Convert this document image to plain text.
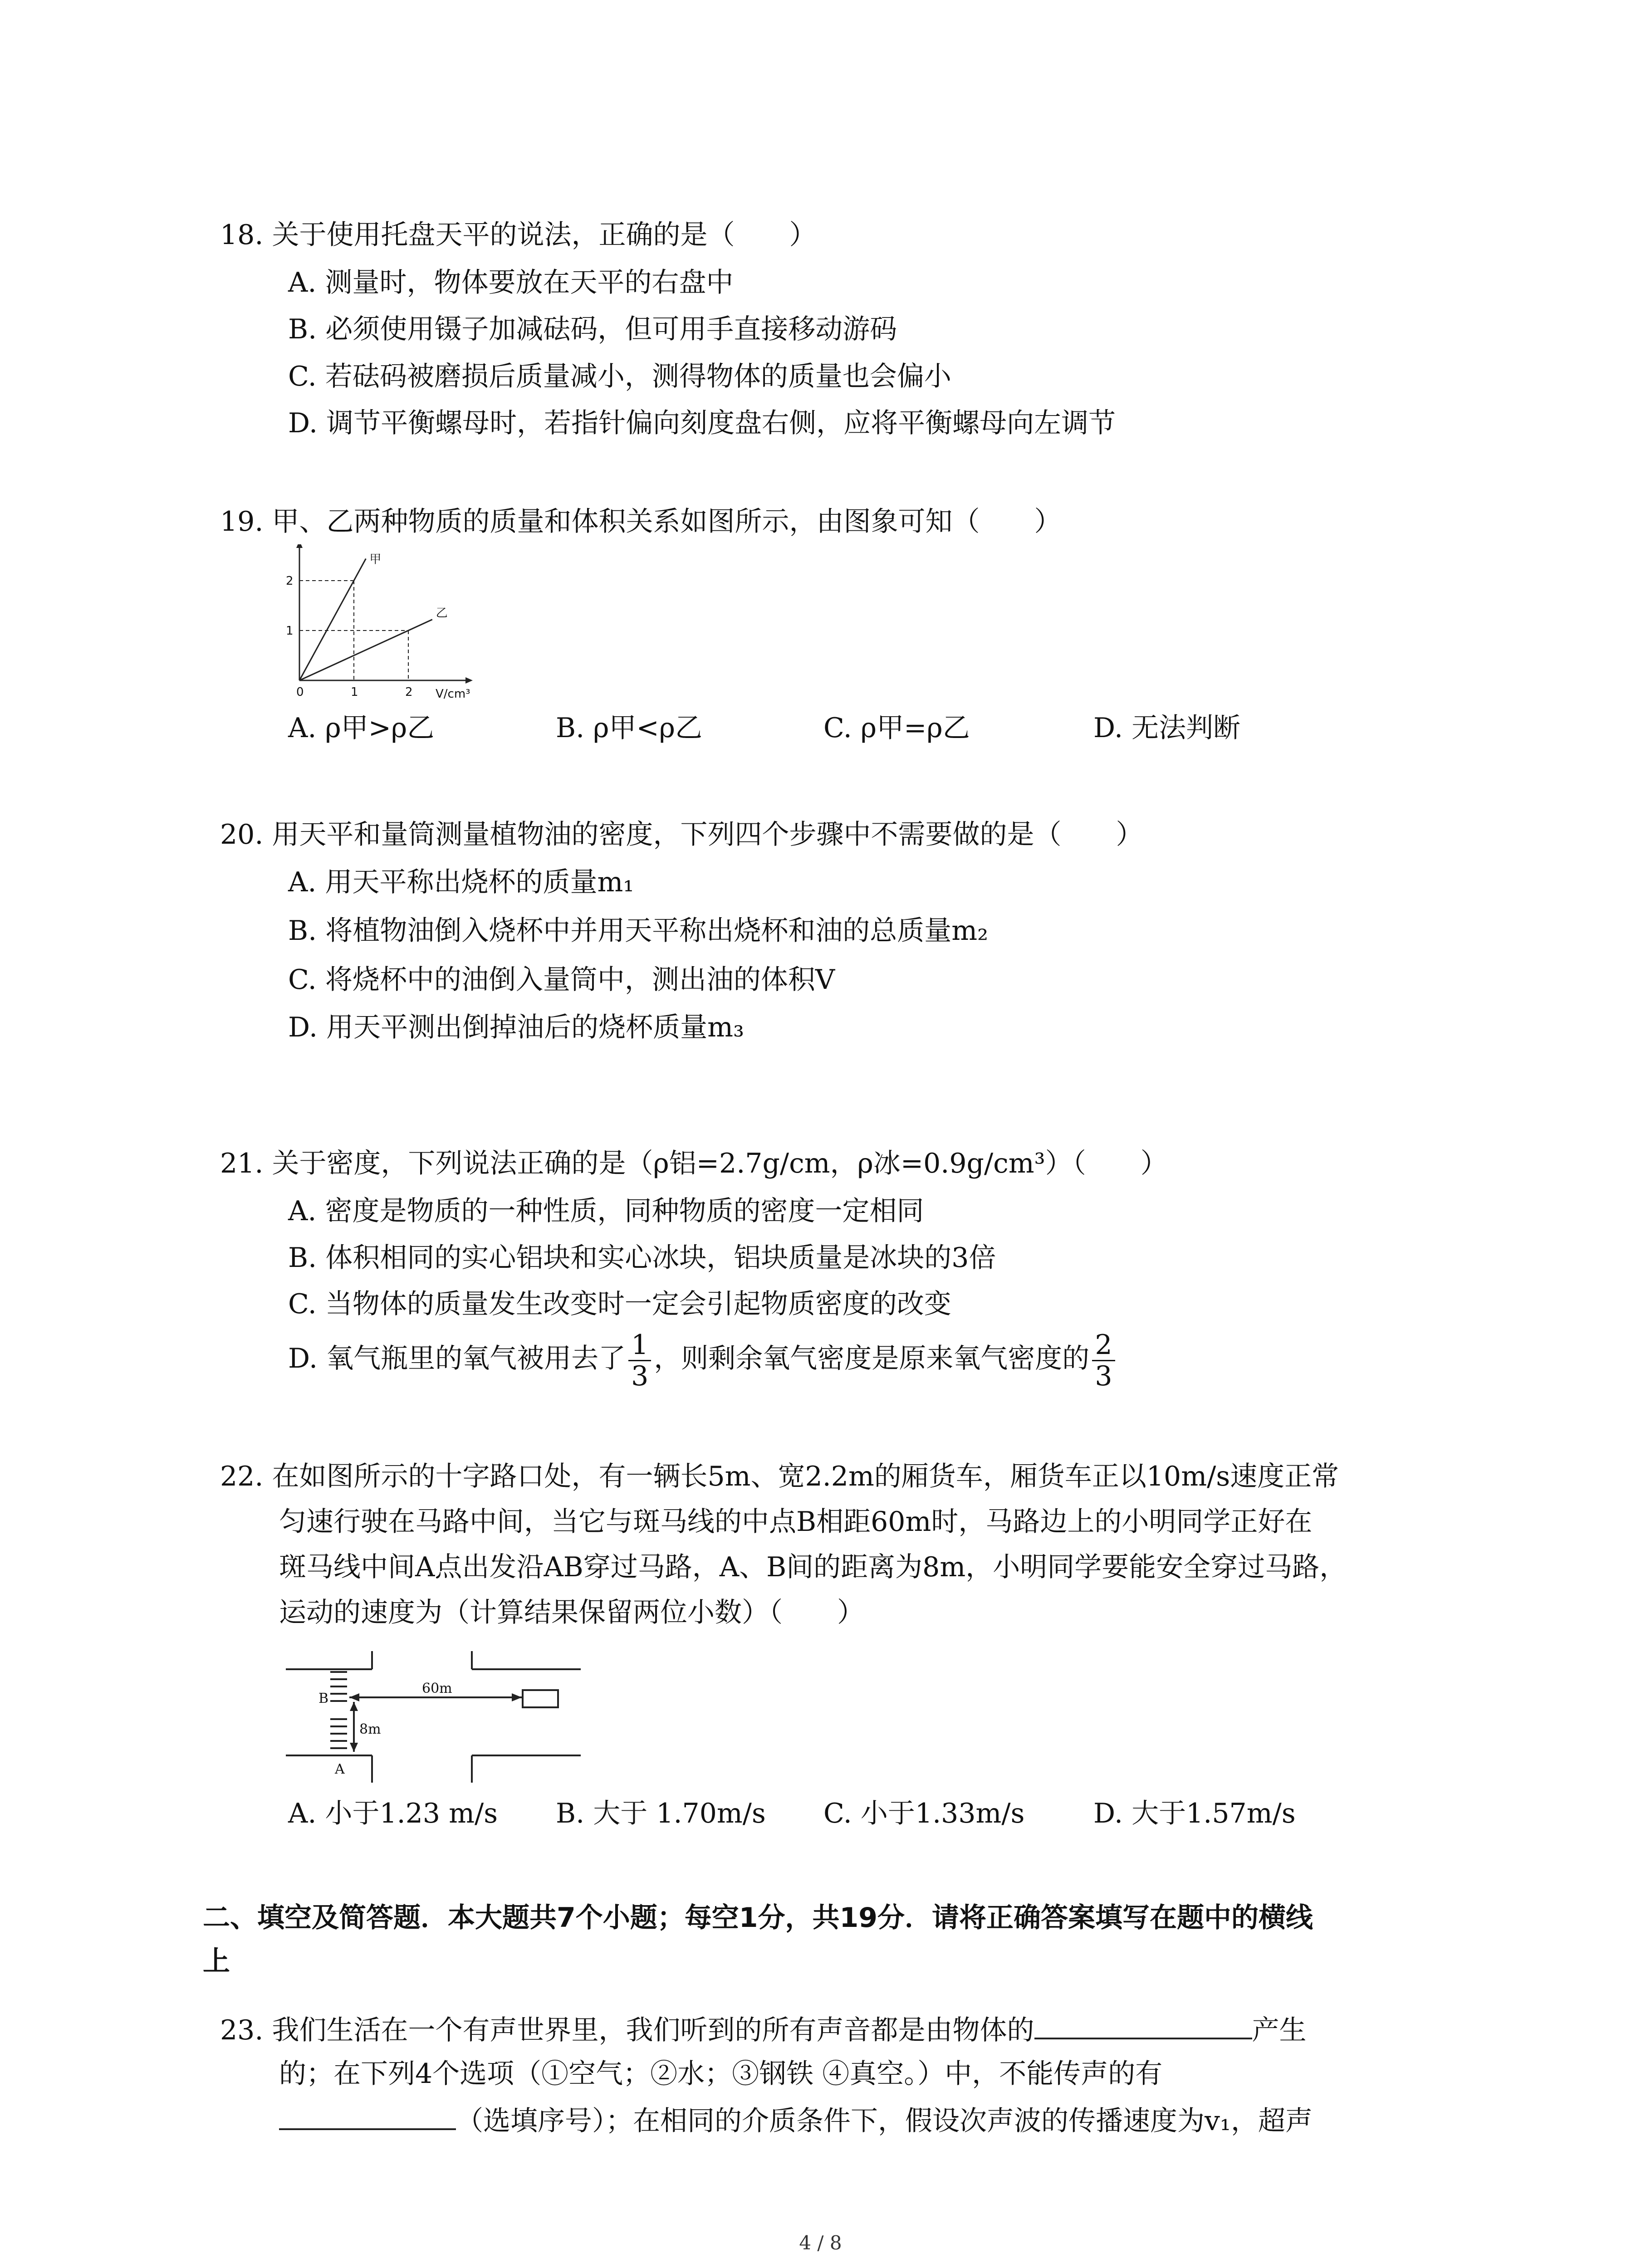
18. 关于使用托盘天平的说法，正确的是（　　）
A. 测量时，物体要放在天平的右盘中
B. 必须使用镊子加减砝码，但可用手直接移动游码
C. 若砝码被磨损后质量减小，测得物体的质量也会偏小
D. 调节平衡螺母时，若指针偏向刻度盘右侧，应将平衡螺母向左调节
19. 甲、乙两种物质的质量和体积关系如图所示，由图象可知（　　）
V/cm³
0	1	2
1
2
甲
乙
A. ρ甲>ρ乙	B. ρ甲<ρ乙	C. ρ甲=ρ乙	D. 无法判断
20. 用天平和量筒测量植物油的密度，下列四个步骤中不需要做的是（　　）
A. 用天平称出烧杯的质量m₁
B. 将植物油倒入烧杯中并用天平称出烧杯和油的总质量m₂
C. 将烧杯中的油倒入量筒中，测出油的体积V
D. 用天平测出倒掉油后的烧杯质量m₃
21. 关于密度，下列说法正确的是（ρ铝=2.7g/cm，ρ冰=0.9g/cm³）（　　）
A. 密度是物质的一种性质，同种物质的密度一定相同
B. 体积相同的实心铝块和实心冰块，铝块质量是冰块的3倍
C. 当物体的质量发生改变时一定会引起物质密度的改变
D. 氧气瓶里的氧气被用去了 $\frac{1}{3}$ ，则剩余氧气密度是原来氧气密度的 $\frac{2}{3}$
22. 在如图所示的十字路口处，有一辆长5m、宽2.2m的厢货车，厢货车正以10m/s速度正常
匀速行驶在马路中间，当它与斑马线的中点B相距60m时，马路边上的小明同学正好在
斑马线中间A点出发沿AB穿过马路，A、B间的距离为8m，小明同学要能安全穿过马路，
运动的速度为（计算结果保留两位小数）（　　）
60m
8m
B
A
A. 小于1.23 m/s B. 大于 1.70m/s C. 小于1.33m/s	D. 大于1.57m/s
二、填空及简答题．本大题共7个小题；每空1分，共19分．请将正确答案填写在题中的横线
上
23. 我们生活在一个有声世界里，我们听到的所有声音都是由物体的	产生
的；在下列4个选项（①空气；②水；③钢铁 ④真空。）中，不能传声的有
（选填序号）；在相同的介质条件下，假设次声波的传播速度为v₁，超声
4 / 8
